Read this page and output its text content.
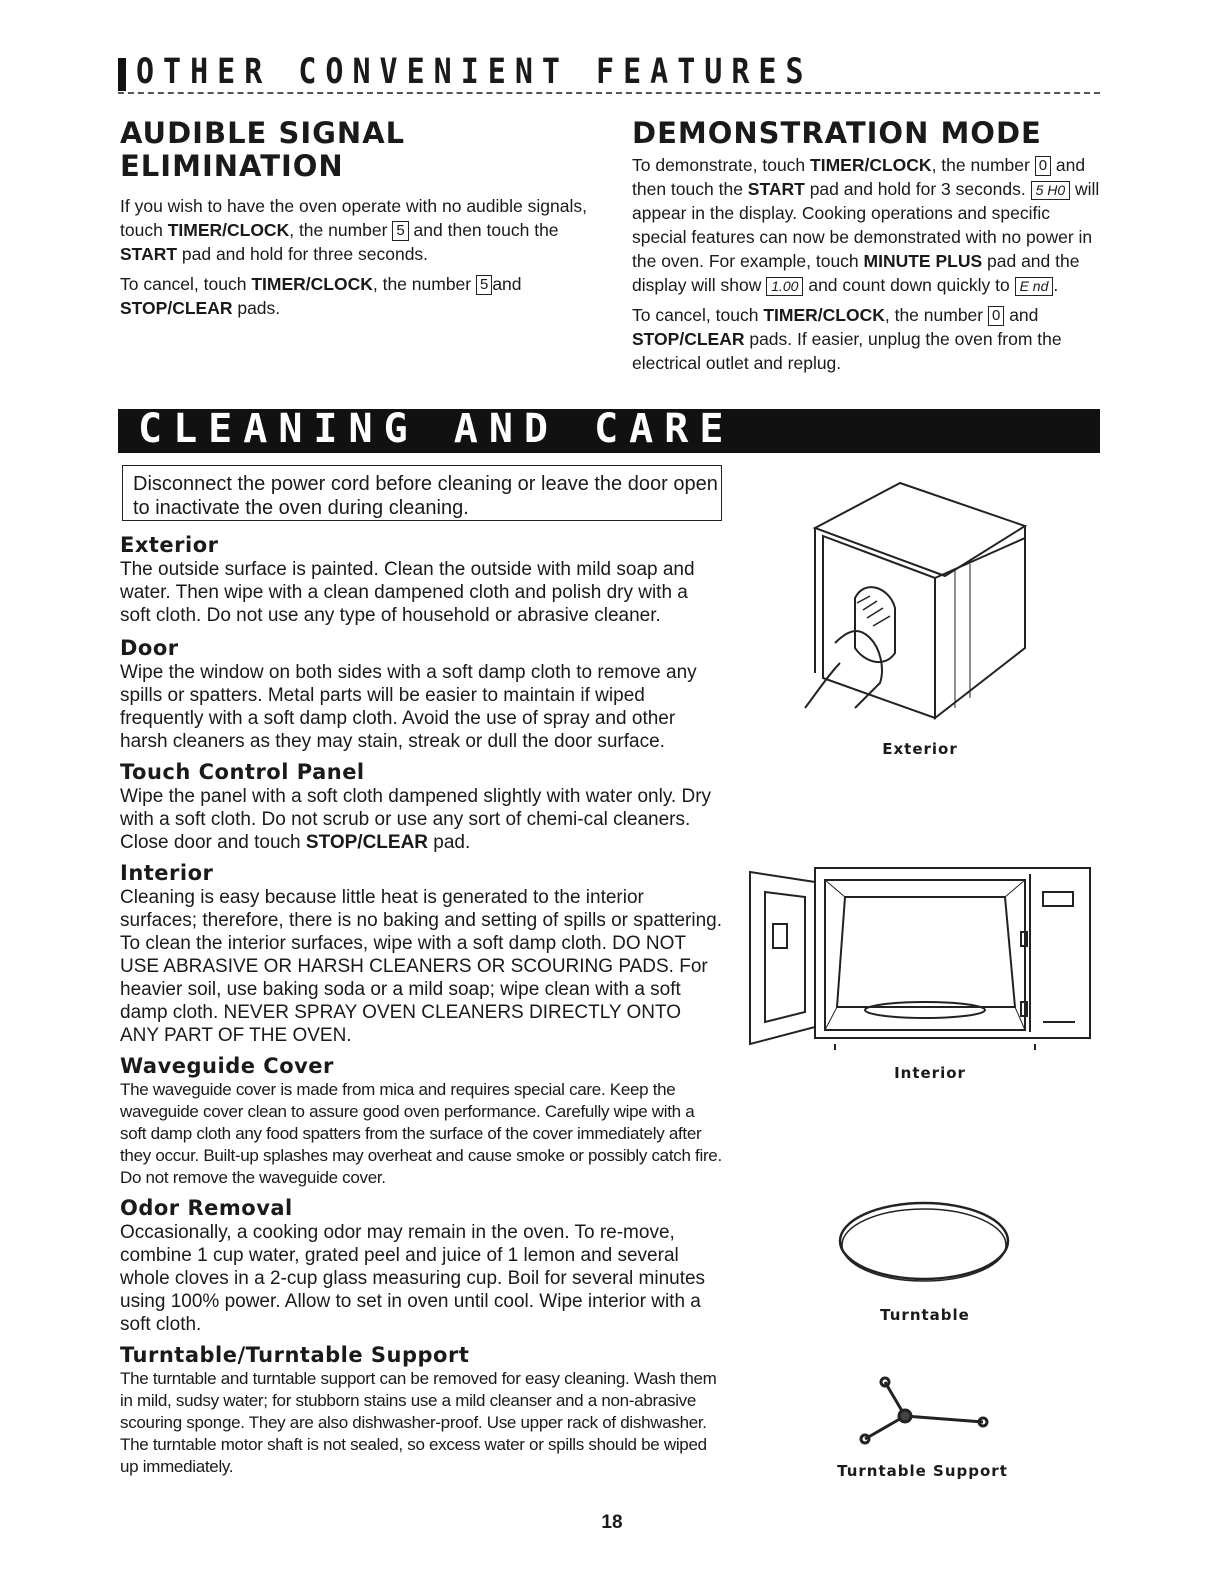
OTHER CONVENIENT FEATURES
AUDIBLE SIGNAL
ELIMINATION
If you wish to have the oven operate with no audible signals, touch TIMER/CLOCK, the number 5 and then touch the START pad and hold for three seconds.
To cancel, touch TIMER/CLOCK, the number 5 and STOP/CLEAR pads.
DEMONSTRATION MODE
To demonstrate, touch TIMER/CLOCK, the number 0 and then touch the START pad and hold for 3 seconds. 5 H0 will appear in the display. Cooking operations and specific special features can now be demonstrated with no power in the oven. For example, touch MINUTE PLUS pad and the display will show 1.00 and count down quickly to E nd .
To cancel, touch TIMER/CLOCK, the number 0 and STOP/CLEAR pads. If easier, unplug the oven from the electrical outlet and replug.
CLEANING AND CARE
Disconnect the power cord before cleaning or leave the door open to inactivate the oven during cleaning.
Exterior
The outside surface is painted. Clean the outside with mild soap and water. Then wipe with a clean dampened cloth and polish dry with a soft cloth. Do not use any type of household or abrasive cleaner.
Door
Wipe the window on both sides with a soft damp cloth to remove any spills or spatters. Metal parts will be easier to maintain if wiped frequently with a soft damp cloth. Avoid the use of spray and other harsh cleaners as they may stain, streak or dull the door surface.
Touch Control Panel
Wipe the panel with a soft cloth dampened slightly with water only. Dry with a soft cloth. Do not scrub or use any sort of chemi-cal cleaners. Close door and touch STOP/CLEAR pad.
Interior
Cleaning is easy because little heat is generated to the interior surfaces; therefore, there is no baking and setting of spills or spattering. To clean the interior surfaces, wipe with a soft damp cloth. DO NOT USE ABRASIVE OR HARSH CLEANERS OR SCOURING PADS. For heavier soil, use baking soda or a mild soap; wipe clean with a soft damp cloth. NEVER SPRAY OVEN CLEANERS DIRECTLY ONTO ANY PART OF THE OVEN.
Waveguide Cover
The waveguide cover is made from mica and requires special care. Keep the waveguide cover clean to assure good oven performance. Carefully wipe with a soft damp cloth any food spatters from the surface of the cover immediately after they occur. Built-up splashes may overheat and cause smoke or possibly catch fire. Do not remove the waveguide cover.
Odor Removal
Occasionally, a cooking odor may remain in the oven. To re-move, combine 1 cup water, grated peel and juice of 1 lemon and several whole cloves in a 2-cup glass measuring cup. Boil for several minutes using 100% power. Allow to set in oven until cool. Wipe interior with a soft cloth.
Turntable/Turntable Support
The turntable and turntable support can be removed for easy cleaning. Wash them in mild, sudsy water; for stubborn stains use a mild cleanser and a non-abrasive scouring sponge. They are also dishwasher-proof. Use upper rack of dishwasher. The turntable motor shaft is not sealed, so excess water or spills should be wiped up immediately.
Exterior
Interior
Turntable
Turntable Support
18
